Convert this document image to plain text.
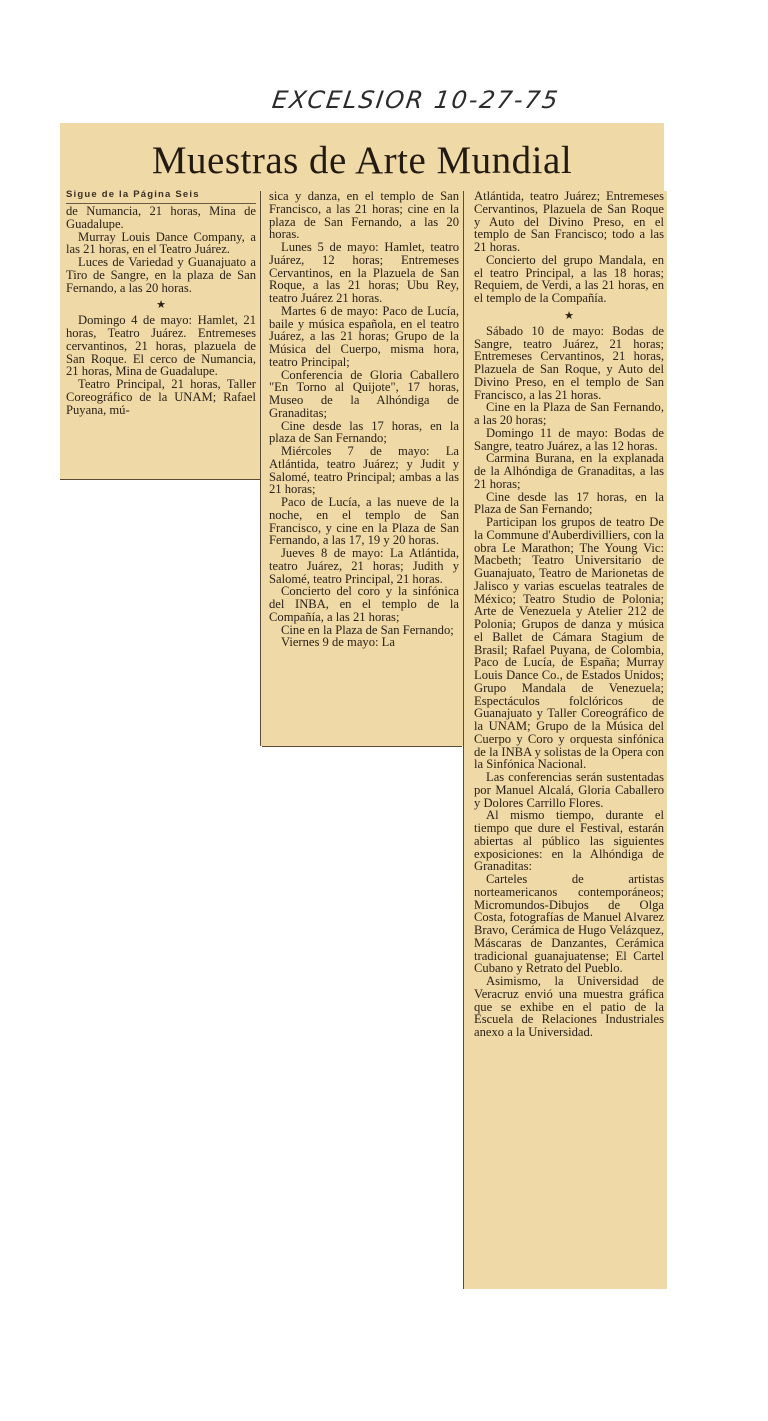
EXCELSIOR 10-27-75
Muestras de Arte Mundial
Sigue de la Página Seis

de Numancia, 21 horas, Mina de Guadalupe.

Murray Louis Dance Company, a las 21 horas, en el Teatro Juárez.

Luces de Variedad y Guanajuato a Tiro de Sangre, en la plaza de San Fernando, a las 20 horas.

★

Domingo 4 de mayo: Hamlet, 21 horas, Teatro Juárez. Entremeses cervantinos, 21 horas, plazuela de San Roque. El cerco de Numancia, 21 horas, Mina de Guadalupe.

Teatro Principal, 21 horas, Taller Coreográfico de la UNAM; Rafael Puyana, mú-

sica y danza, en el templo de San Francisco, a las 21 horas; cine en la plaza de San Fernando, a las 20 horas.

Lunes 5 de mayo: Hamlet, teatro Juárez, 12 horas; Entremeses Cervantinos, en la Plazuela de San Roque, a las 21 horas; Ubu Rey, teatro Juárez 21 horas.

Martes 6 de mayo: Paco de Lucía, baile y música española, en el teatro Juárez, a las 21 horas; Grupo de la Música del Cuerpo, misma hora, teatro Principal;

Conferencia de Gloria Caballero "En Torno al Quijote", 17 horas, Museo de la Alhóndiga de Granaditas;

Cine desde las 17 horas, en la plaza de San Fernando;

Miércoles 7 de mayo: La Atlántida, teatro Juárez; y Judit y Salomé, teatro Principal; ambas a las 21 horas;

Paco de Lucía, a las nueve de la noche, en el templo de San Francisco, y cine en la Plaza de San Fernando, a las 17, 19 y 20 horas.

Jueves 8 de mayo: La Atlántida, teatro Juárez, 21 horas; Judith y Salomé, teatro Principal, 21 horas.

Concierto del coro y la sinfónica del INBA, en el templo de la Compañía, a las 21 horas;

Cine en la Plaza de San Fernando;

Viernes 9 de mayo: La

Atlántida, teatro Juárez; Entremeses Cervantinos, Plazuela de San Roque y Auto del Divino Preso, en el templo de San Francisco; todo a las 21 horas.

Concierto del grupo Mandala, en el teatro Principal, a las 18 horas; Requiem, de Verdi, a las 21 horas, en el templo de la Compañía.

★

Sábado 10 de mayo: Bodas de Sangre, teatro Juárez, 21 horas; Entremeses Cervantinos, 21 horas, Plazuela de San Roque, y Auto del Divino Preso, en el templo de San Francisco, a las 21 horas.

Cine en la Plaza de San Fernando, a las 20 horas;

Domingo 11 de mayo: Bodas de Sangre, teatro Juárez, a las 12 horas.

Carmina Burana, en la explanada de la Alhóndiga de Granaditas, a las 21 horas;

Cine desde las 17 horas, en la Plaza de San Fernando;

Participan los grupos de teatro De la Commune d'Auberdivilliers, con la obra Le Marathon; The Young Vic: Macbeth; Teatro Universitario de Guanajuato, Teatro de Marionetas de Jalisco y varias escuelas teatrales de México; Teatro Studio de Polonia; Arte de Venezuela y Atelier 212 de Polonia; Grupos de danza y música el Ballet de Cámara Stagium de Brasil; Rafael Puyana, de Colombia, Paco de Lucía, de España; Murray Louis Dance Co., de Estados Unidos; Grupo Mandala de Venezuela; Espectáculos folclóricos de Guanajuato y Taller Coreográfico de la UNAM; Grupo de la Música del Cuerpo y Coro y orquesta sinfónica de la INBA y solistas de la Opera con la Sinfónica Nacional.

Las conferencias serán sustentadas por Manuel Alcalá, Gloria Caballero y Dolores Carrillo Flores.

Al mismo tiempo, durante el tiempo que dure el Festival, estarán abiertas al público las siguientes exposiciones: en la Alhóndiga de Granaditas:

Carteles de artistas norteamericanos contemporáneos; Micromundos-Dibujos de Olga Costa, fotografías de Manuel Alvarez Bravo, Cerámica de Hugo Velázquez, Máscaras de Danzantes, Cerámica tradicional guanajuatense; El Cartel Cubano y Retrato del Pueblo.

Asimismo, la Universidad de Veracruz envió una muestra gráfica que se exhibe en el patio de la Escuela de Relaciones Industriales anexo a la Universidad.
